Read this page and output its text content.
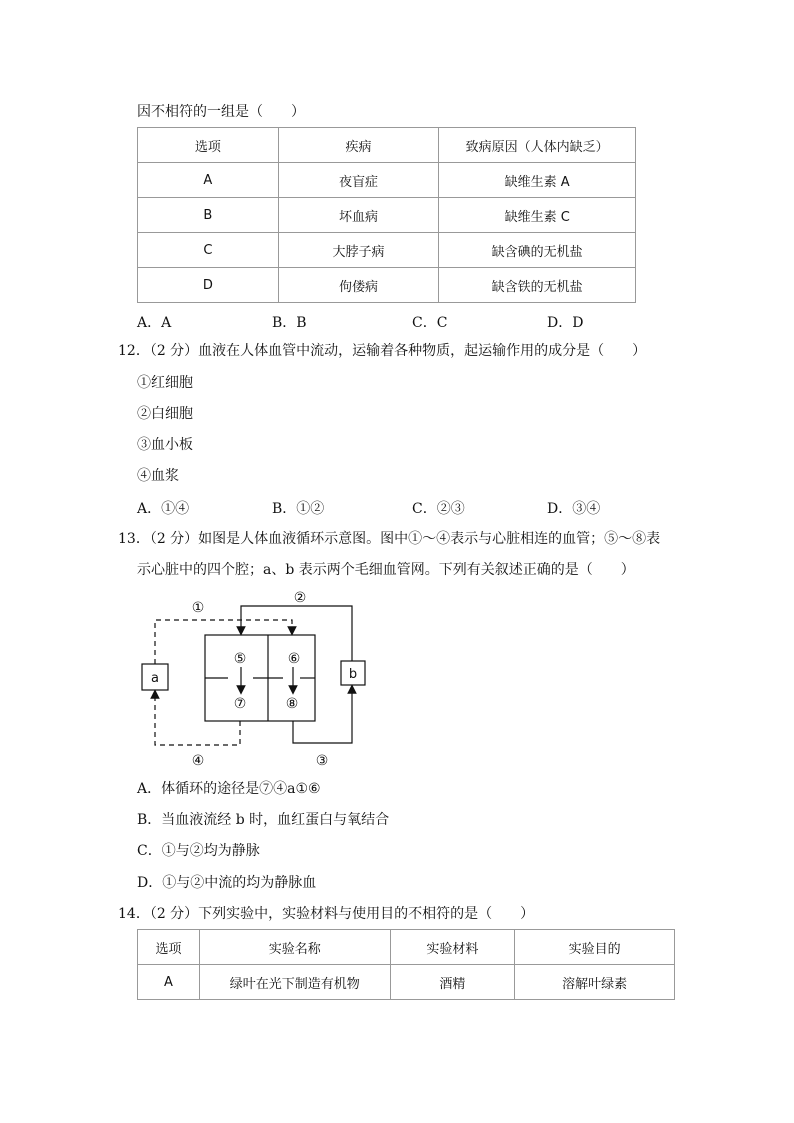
因不相符的一组是（　　）
选项	疾病	致病原因（人体内缺乏）
A	夜盲症	缺维生素 A
B	坏血病	缺维生素 C
C	大脖子病	缺含碘的无机盐
D	佝偻病	缺含铁的无机盐
A．A	B．B	C．C	D．D
12．（2 分）血液在人体血管中流动，运输着各种物质，起运输作用的成分是（　　）
①红细胞
②白细胞
③血小板
④血浆
A．①④	B．①②	C．②③	D．③④
13．（2 分）如图是人体血液循环示意图。图中①～④表示与心脏相连的血管；⑤～⑧表
示心脏中的四个腔；a、b 表示两个毛细血管网。下列有关叙述正确的是（　　）
①
②
③
④
⑤	⑥
⑦	⑧
a	b
A．体循环的途径是⑦④a①⑥
B．当血液流经 b 时，血红蛋白与氧结合
C．①与②均为静脉
D．①与②中流的均为静脉血
14．（2 分）下列实验中，实验材料与使用目的不相符的是（　　）
选项	实验名称	实验材料	实验目的
A	绿叶在光下制造有机物	酒精	溶解叶绿素
